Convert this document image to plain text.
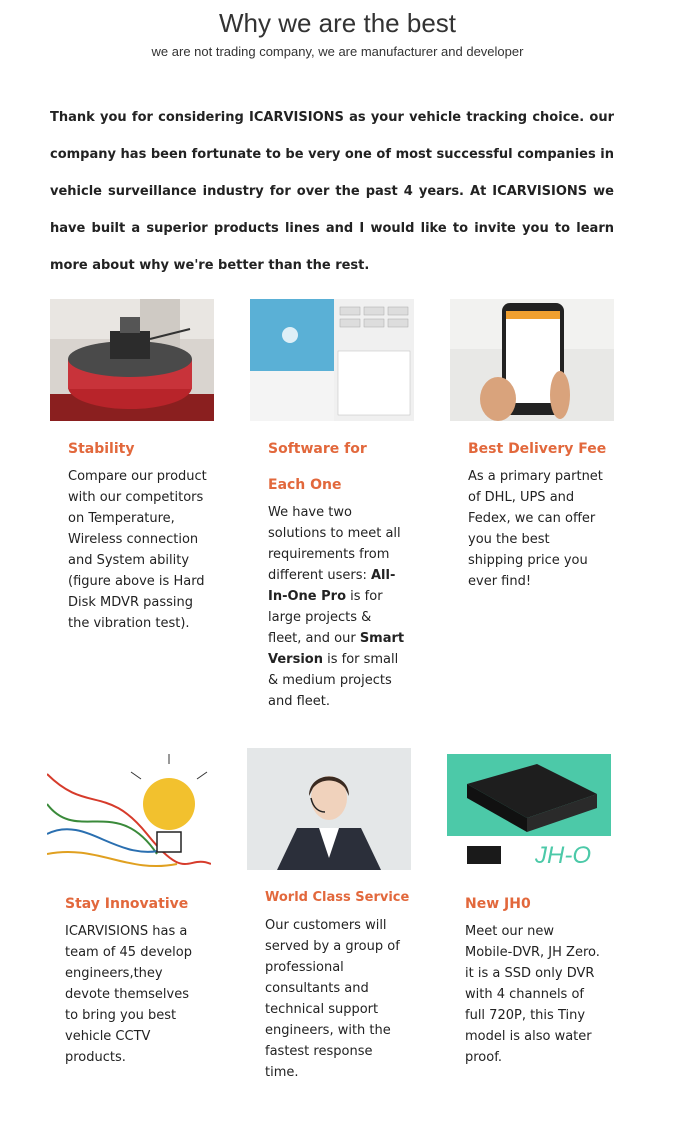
Why we are the best
we are not trading company, we are manufacturer and developer
Thank you for considering ICARVISIONS as your vehicle tracking choice. our company has been fortunate to be very one of most successful companies in vehicle surveillance industry for over the past 4 years. At ICARVISIONS we have built a superior products lines and I would like to invite you to learn more about why we're better than the rest.
Stability
Compare our product with our competitors on Temperature, Wireless connection and System ability (figure above is Hard Disk MDVR passing the vibration test).
Software for Each One
We have two solutions to meet all requirements from different users: All-In-One Pro is for large projects & fleet, and our Smart Version is for small & medium projects and fleet.
Best Delivery Fee
As a primary partnet of DHL, UPS and Fedex, we can offer you the best shipping price you ever find!
JH-O
Stay Innovative
ICARVISIONS has a team of 45 develop engineers,they devote themselves to bring you best vehicle CCTV products.
World Class Service
Our customers will served by a group of professional consultants and technical support engineers, with the fastest response time.
New JH0
Meet our new Mobile-DVR, JH Zero. it is a SSD only DVR with 4 channels of full 720P, this Tiny model is also water proof.
